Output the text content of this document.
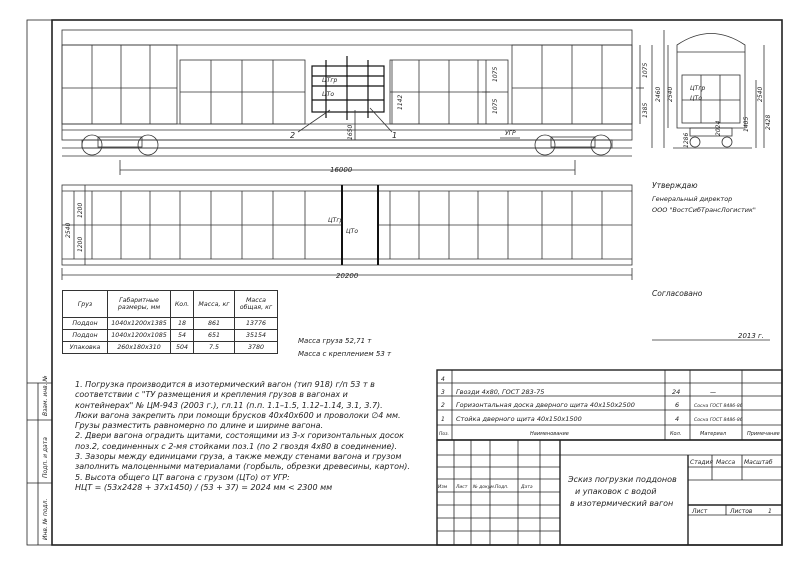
Инв. № подл.
Подп. и дата
Взам. инв. №
16000
1075
1385
2460 2540
1075
1075
1142
1650
ЦТгр
ЦТо
2	1	УГР
2540
2428
2024
1286
1405
ЦТгр
ЦТо
20200
2540
1200
1200
ЦТгр
ЦТо
Утверждаю
Генеральный директор
ООО "ВостСибТрансЛогистик"
Согласовано
2013 г.
Масса груза 52,71 т
Масса с креплением 53 т
4
3 Гвозди 4х80, ГОСТ 283-75	24	—
2 Горизонтальная доска дверного щита 40х150х2500	6	Сосна ГОСТ 8486-86
1 Стойка дверного щита 40х150х1500	4	Сосна ГОСТ 8486-86
Поз.	Наименование	Кол.	Материал	Примечание
Изм Лист № докум. Подп.	Дата
Эскиз погрузки поддонов
и упаковок с водой
в изотермический вагон
Стадия Масса Масштаб
Лист	Листов	1
Груз	Габаритные размеры, мм	Кол.	Масса, кг	Масса общая, кг
Поддон	1040x1200x1385	18	861	13776
Поддон	1040x1200x1085	54	651	35154
Упаковка	260x180x310	504	7.5	3780
1. Погрузка производится в изотермический вагон (тип 918) г/п 53 т в
соответствии с "ТУ размещения и крепления грузов в вагонах и
контейнерах" № ЦМ-943 (2003 г.), гл.11 (п.п. 1.1–1.5, 1.12–1.14, 3.1, 3.7).
Люки вагона закрепить при помощи брусков 40х40х600 и проволоки ∅4 мм.
Грузы разместить равномерно по длине и ширине вагона.
2. Двери вагона оградить щитами, состоящими из 3-х горизонтальных досок
поз.2, соединенных с 2-мя стойками поз.1 (по 2 гвоздя 4х80 в соединение).
3. Зазоры между единицами груза, а также между стенами вагона и грузом
заполнить малоценными материалами (горбыль, обрезки древесины, картон).
5. Высота общего ЦТ вагона с грузом (ЦТо) от УГР:
НЦТ = (53х2428 + 37х1450) / (53 + 37) = 2024 мм < 2300 мм
